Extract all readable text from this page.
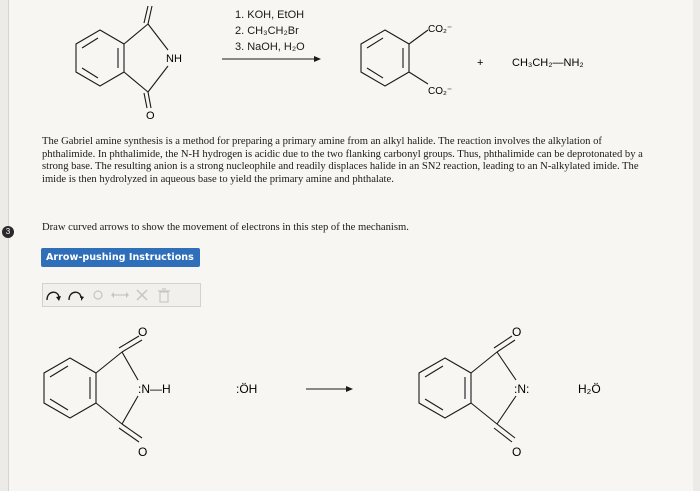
3
NH
O
CO₂⁻
CO₂⁻
+	CH₃CH₂—NH₂
O
O
:N—H	:ÖH
O
O
:N:	H₂Ö
1. KOH, EtOH
2. CH₃CH₂Br
3. NaOH, H₂O

The Gabriel amine synthesis is a method for preparing a primary amine from an alkyl halide. The reaction involves the alkylation of phthalimide. In phthalimide, the N-H hydrogen is acidic due to the two flanking carbonyl groups. Thus, phthalimide can be deprotonated by a strong base. The resulting anion is a strong nucleophile and readily displaces halide in an SN2 reaction, leading to an N-alkylated imide. The imide is then hydrolyzed in aqueous base to yield the primary amine and phthalate.

Draw curved arrows to show the movement of electrons in this step of the mechanism.

Arrow-pushing Instructions
